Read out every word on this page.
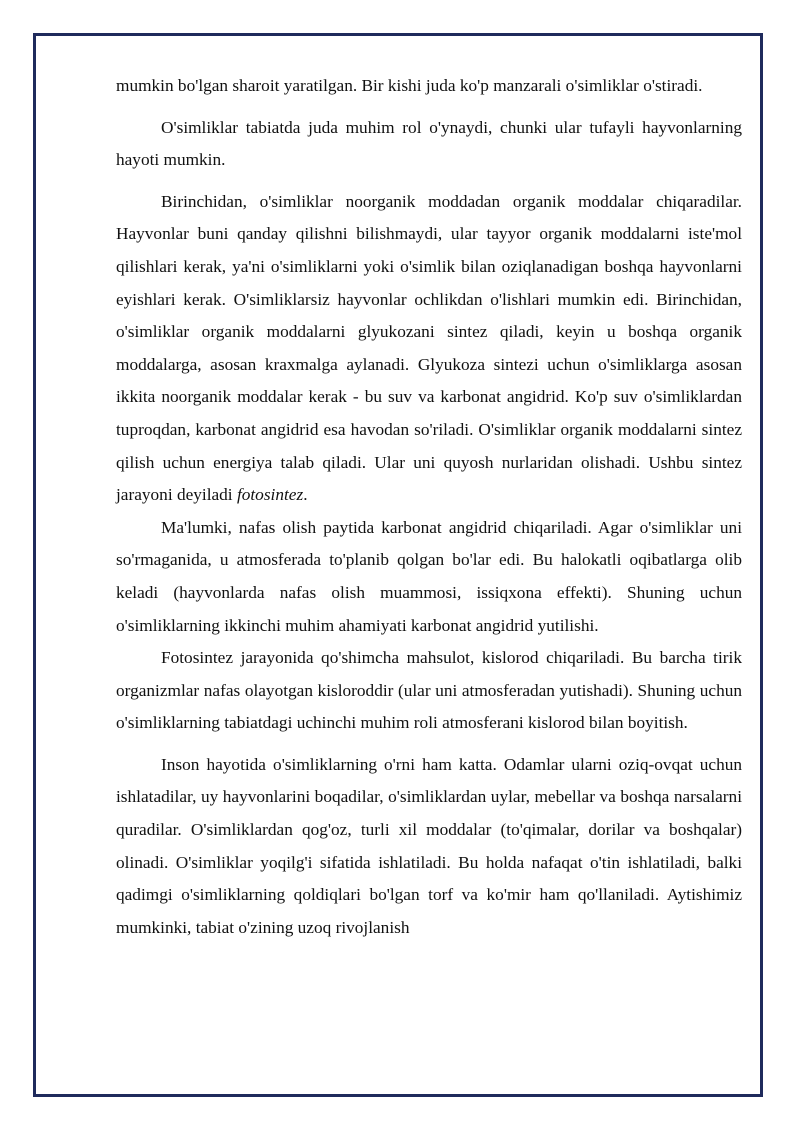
mumkin bo'lgan sharoit yaratilgan. Bir kishi juda ko'p manzarali o'simliklar o'stiradi.

O'simliklar tabiatda juda muhim rol o'ynaydi, chunki ular tufayli hayvonlarning hayoti mumkin.

Birinchidan, o'simliklar noorganik moddadan organik moddalar chiqaradilar. Hayvonlar buni qanday qilishni bilishmaydi, ular tayyor organik moddalarni iste'mol qilishlari kerak, ya'ni o'simliklarni yoki o'simlik bilan oziqlanadigan boshqa hayvonlarni eyishlari kerak. O'simliklarsiz hayvonlar ochlikdan o'lishlari mumkin edi. Birinchidan, o'simliklar organik moddalarni glyukozani sintez qiladi, keyin u boshqa organik moddalarga, asosan kraxmalga aylanadi. Glyukoza sintezi uchun o'simliklarga asosan ikkita noorganik moddalar kerak - bu suv va karbonat angidrid. Ko'p suv o'simliklardan tuproqdan, karbonat angidrid esa havodan so'riladi. O'simliklar organik moddalarni sintez qilish uchun energiya talab qiladi. Ular uni quyosh nurlaridan olishadi. Ushbu sintez jarayoni deyiladi fotosintez.

Ma'lumki, nafas olish paytida karbonat angidrid chiqariladi. Agar o'simliklar uni so'rmaganida, u atmosferada to'planib qolgan bo'lar edi. Bu halokatli oqibatlarga olib keladi (hayvonlarda nafas olish muammosi, issiqxona effekti). Shuning uchun o'simliklarning ikkinchi muhim ahamiyati karbonat angidrid yutilishi.

Fotosintez jarayonida qo'shimcha mahsulot, kislorod chiqariladi. Bu barcha tirik organizmlar nafas olayotgan kisloroddir (ular uni atmosferadan yutishadi). Shuning uchun o'simliklarning tabiatdagi uchinchi muhim roli atmosferani kislorod bilan boyitish.

Inson hayotida o'simliklarning o'rni ham katta. Odamlar ularni oziq-ovqat uchun ishlatadilar, uy hayvonlarini boqadilar, o'simliklardan uylar, mebellar va boshqa narsalarni quradilar. O'simliklardan qog'oz, turli xil moddalar (to'qimalar, dorilar va boshqalar) olinadi. O'simliklar yoqilg'i sifatida ishlatiladi. Bu holda nafaqat o'tin ishlatiladi, balki qadimgi o'simliklarning qoldiqlari bo'lgan torf va ko'mir ham qo'llaniladi. Aytishimiz mumkinki, tabiat o'zining uzoq rivojlanish
